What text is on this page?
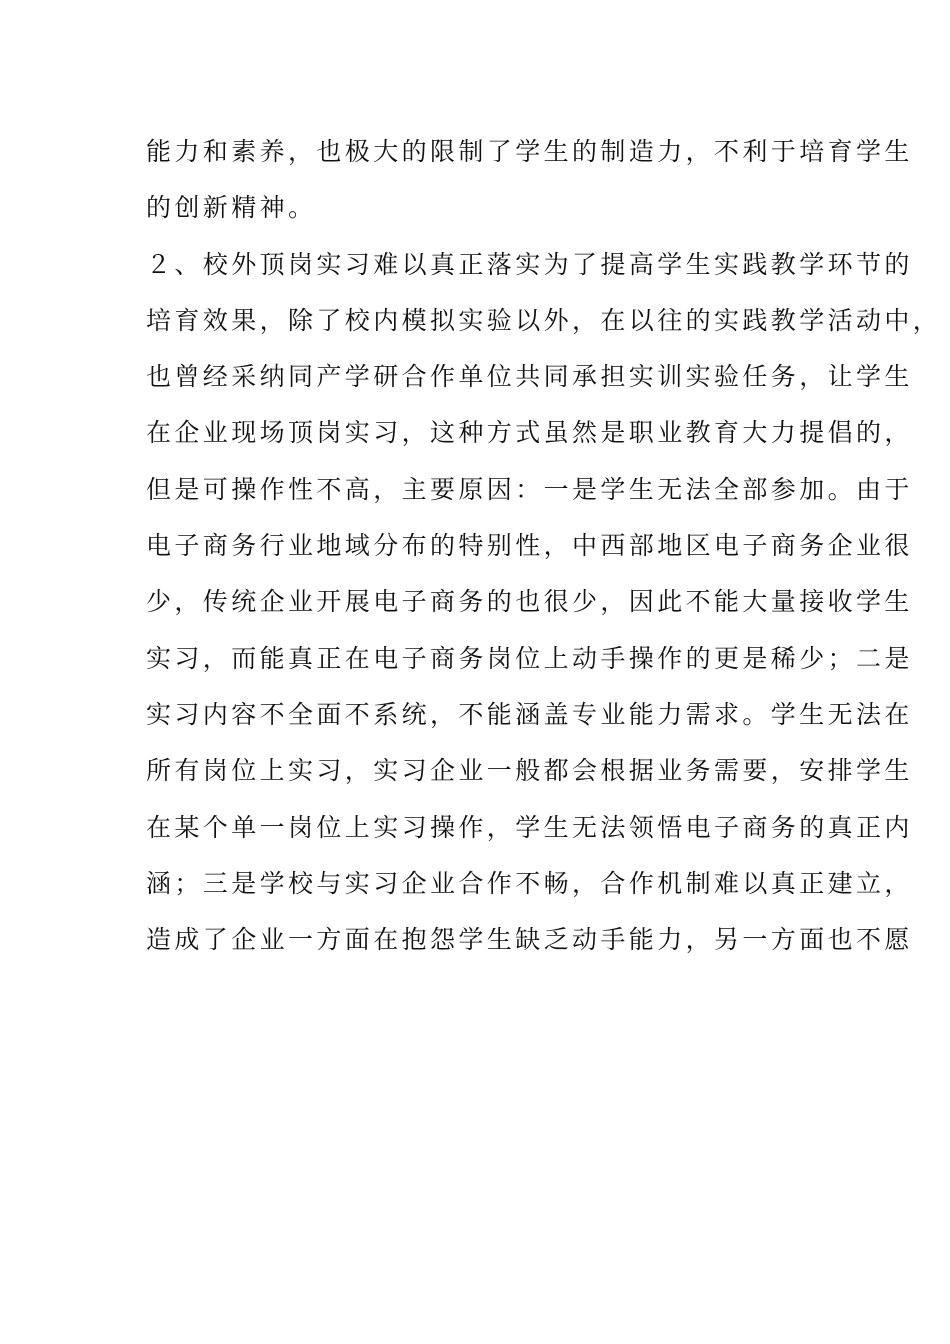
能力和素养，也极大的限制了学生的制造力，不利于培育学生
的创新精神。
２、校外顶岗实习难以真正落实为了提高学生实践教学环节的
培育效果，除了校内模拟实验以外，在以往的实践教学活动中，
也曾经采纳同产学研合作单位共同承担实训实验任务，让学生
在企业现场顶岗实习，这种方式虽然是职业教育大力提倡的，
但是可操作性不高，主要原因：一是学生无法全部参加。由于
电子商务行业地域分布的特别性，中西部地区电子商务企业很
少，传统企业开展电子商务的也很少，因此不能大量接收学生
实习，而能真正在电子商务岗位上动手操作的更是稀少；二是
实习内容不全面不系统，不能涵盖专业能力需求。学生无法在
所有岗位上实习，实习企业一般都会根据业务需要，安排学生
在某个单一岗位上实习操作，学生无法领悟电子商务的真正内
涵；三是学校与实习企业合作不畅，合作机制难以真正建立，
造成了企业一方面在抱怨学生缺乏动手能力，另一方面也不愿
